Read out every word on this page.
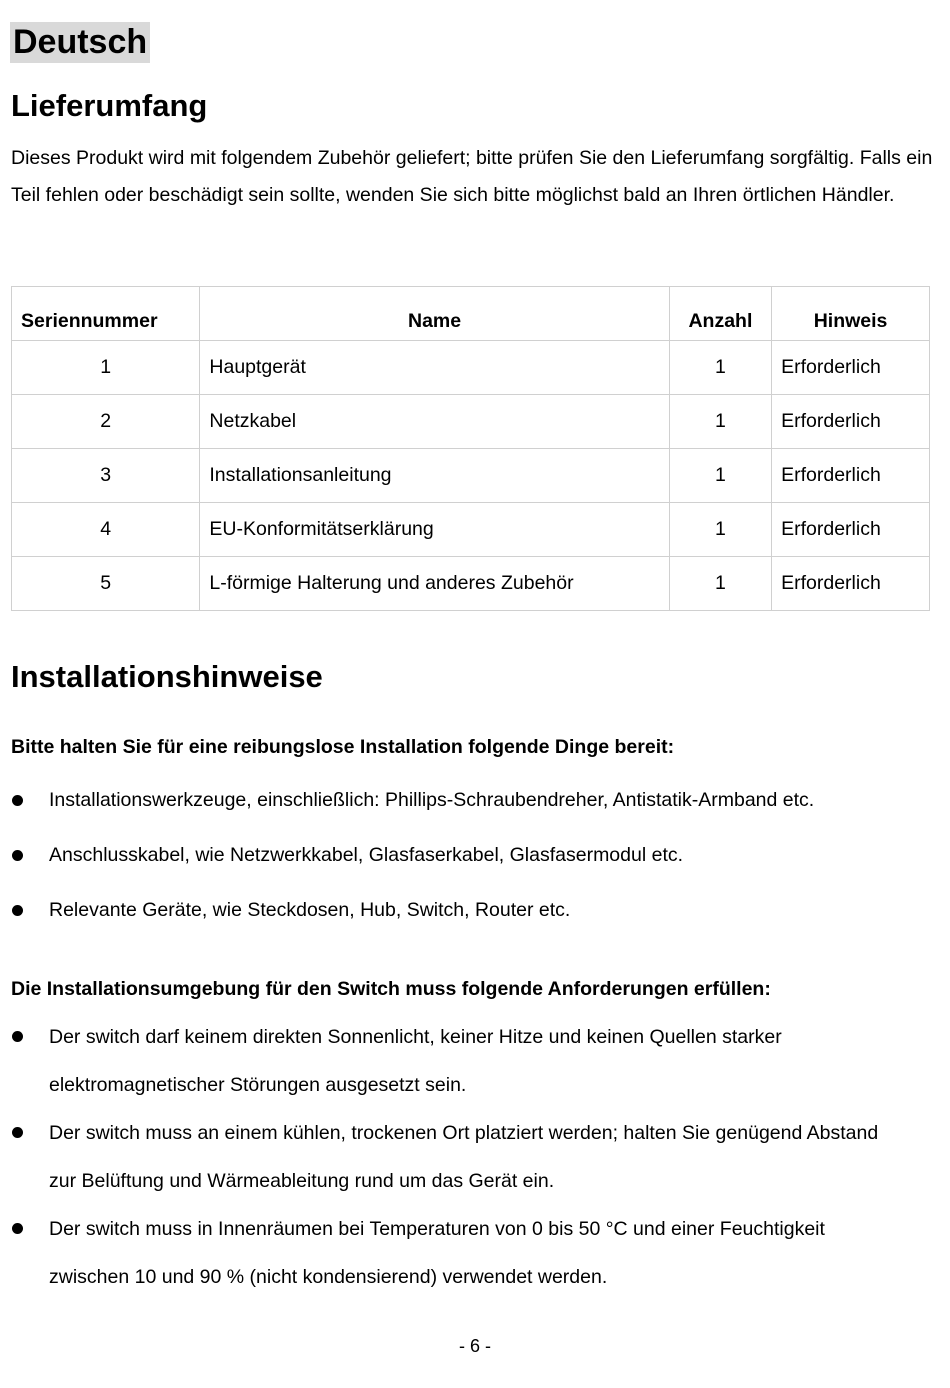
Deutsch
Lieferumfang

Dieses Produkt wird mit folgendem Zubehör geliefert; bitte prüfen Sie den Lieferumfang sorgfältig. Falls ein Teil fehlen oder beschädigt sein sollte, wenden Sie sich bitte möglichst bald an Ihren örtlichen Händler.

Seriennummer	Name	Anzahl	Hinweis
1	Hauptgerät	1	Erforderlich
2	Netzkabel	1	Erforderlich
3	Installationsanleitung	1	Erforderlich
4	EU-Konformitätserklärung	1	Erforderlich
5	L-förmige Halterung und anderes Zubehör	1	Erforderlich
Installationshinweise

Bitte halten Sie für eine reibungslose Installation folgende Dinge bereit:

Installationswerkzeuge, einschließlich: Phillips-Schraubendreher, Antistatik-Armband etc.
Anschlusskabel, wie Netzwerkkabel, Glasfaserkabel, Glasfasermodul etc.
Relevante Geräte, wie Steckdosen, Hub, Switch, Router etc.

Die Installationsumgebung für den Switch muss folgende Anforderungen erfüllen:

Der switch darf keinem direkten Sonnenlicht, keiner Hitze und keinen Quellen starker elektromagnetischer Störungen ausgesetzt sein.
Der switch muss an einem kühlen, trockenen Ort platziert werden; halten Sie genügend Abstand zur Belüftung und Wärmeableitung rund um das Gerät ein.
Der switch muss in Innenräumen bei Temperaturen von 0 bis 50 °C und einer Feuchtigkeit zwischen 10 und 90 % (nicht kondensierend) verwendet werden.
- 6 -
